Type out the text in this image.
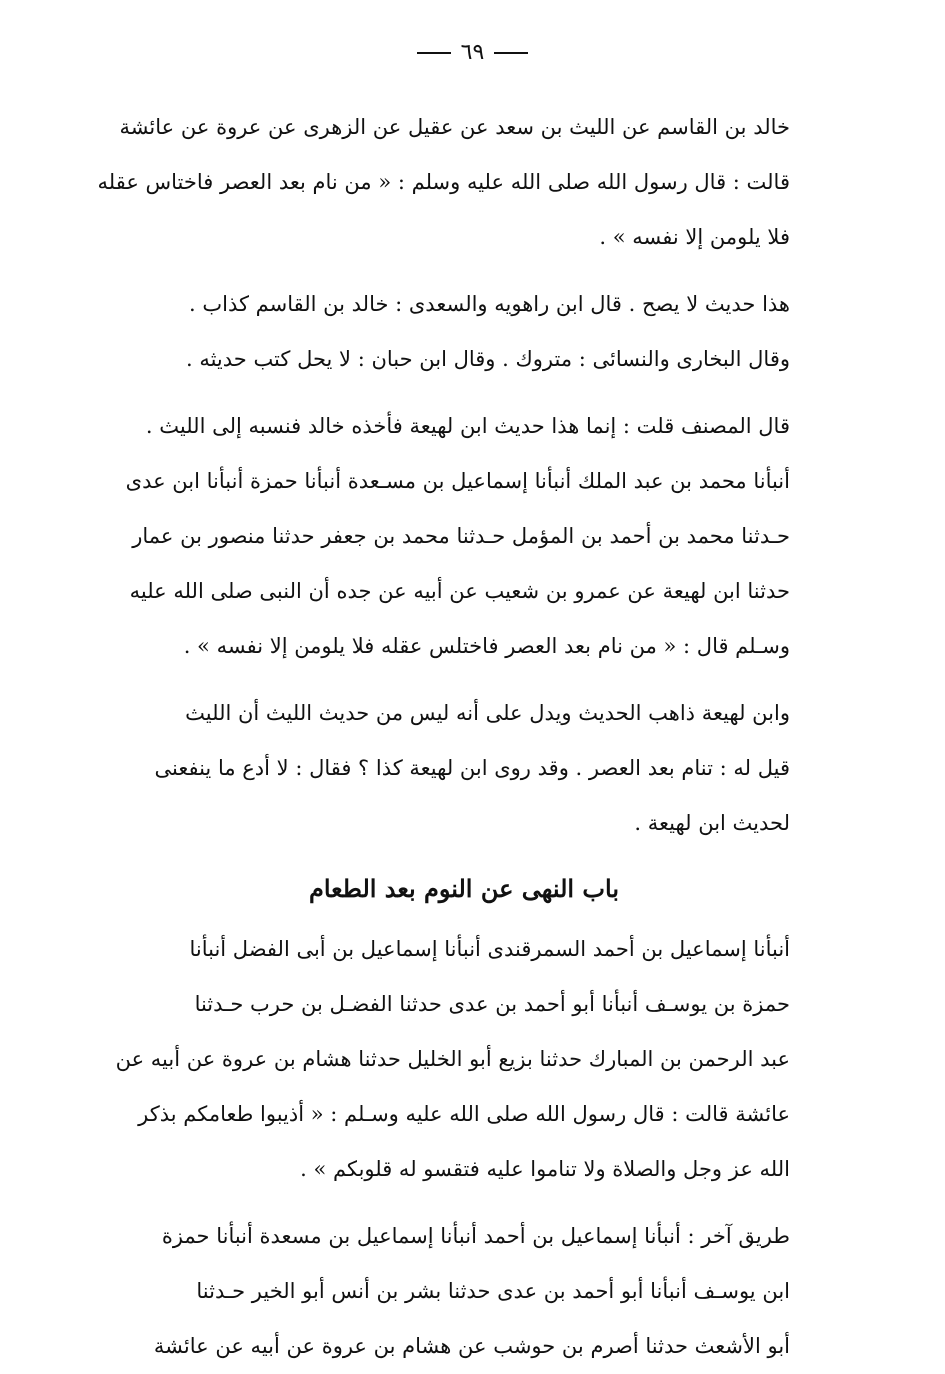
٦٩

خالد بن القاسم عن الليث بن سعد عن عقيل عن الزهرى عن عروة عن عائشة
قالت : قال رسول الله صلى الله عليه وسلم : « من نام بعد العصر فاختاس عقله
فلا يلومن إلا نفسه » .

هذا حديث لا يصح . قال ابن راهويه والسعدى : خالد بن القاسم كذاب .
وقال البخارى والنسائى : متروك . وقال ابن حبان : لا يحل كتب حديثه .

قال المصنف قلت : إنما هذا حديث ابن لهيعة فأخذه خالد فنسبه إلى الليث .
أنبأنا محمد بن عبد الملك أنبأنا إسماعيل بن مسـعدة أنبأنا حمزة أنبأنا ابن عدى
حـدثنا محمد بن أحمد بن المؤمل حـدثنا محمد بن جعفر حدثنا منصور بن عمار
حدثنا ابن لهيعة عن عمرو بن شعيب عن أبيه عن جده أن النبى صلى الله عليه
وسـلم قال : « من نام بعد العصر فاختلس عقله فلا يلومن إلا نفسه » .

وابن لهيعة ذاهب الحديث ويدل على أنه ليس من حديث الليث أن الليث
قيل له : تنام بعد العصر . وقد روى ابن لهيعة كذا ؟ فقال : لا أدع ما ينفعنى
لحديث ابن لهيعة .

باب النهى عن النوم بعد الطعام

أنبأنا إسماعيل بن أحمد السمرقندى أنبأنا إسماعيل بن أبى الفضل أنبأنا
حمزة بن يوسـف أنبأنا أبو أحمد بن عدى حدثنا الفضـل بن حرب حـدثنا
عبد الرحمن بن المبارك حدثنا بزيع أبو الخليل حدثنا هشام بن عروة عن أبيه عن
عائشة قالت : قال رسول الله صلى الله عليه وسـلم : « أذيبوا طعامكم بذكر
الله عز وجل والصلاة ولا تناموا عليه فتقسو له قلوبكم » .

طريق آخر : أنبأنا إسماعيل بن أحمد أنبأنا إسماعيل بن مسعدة أنبأنا حمزة
ابن يوسـف أنبأنا أبو أحمد بن عدى حدثنا بشر بن أنس أبو الخير حـدثنا
أبو الأشعث حدثنا أصرم بن حوشب عن هشام بن عروة عن أبيه عن عائشة
